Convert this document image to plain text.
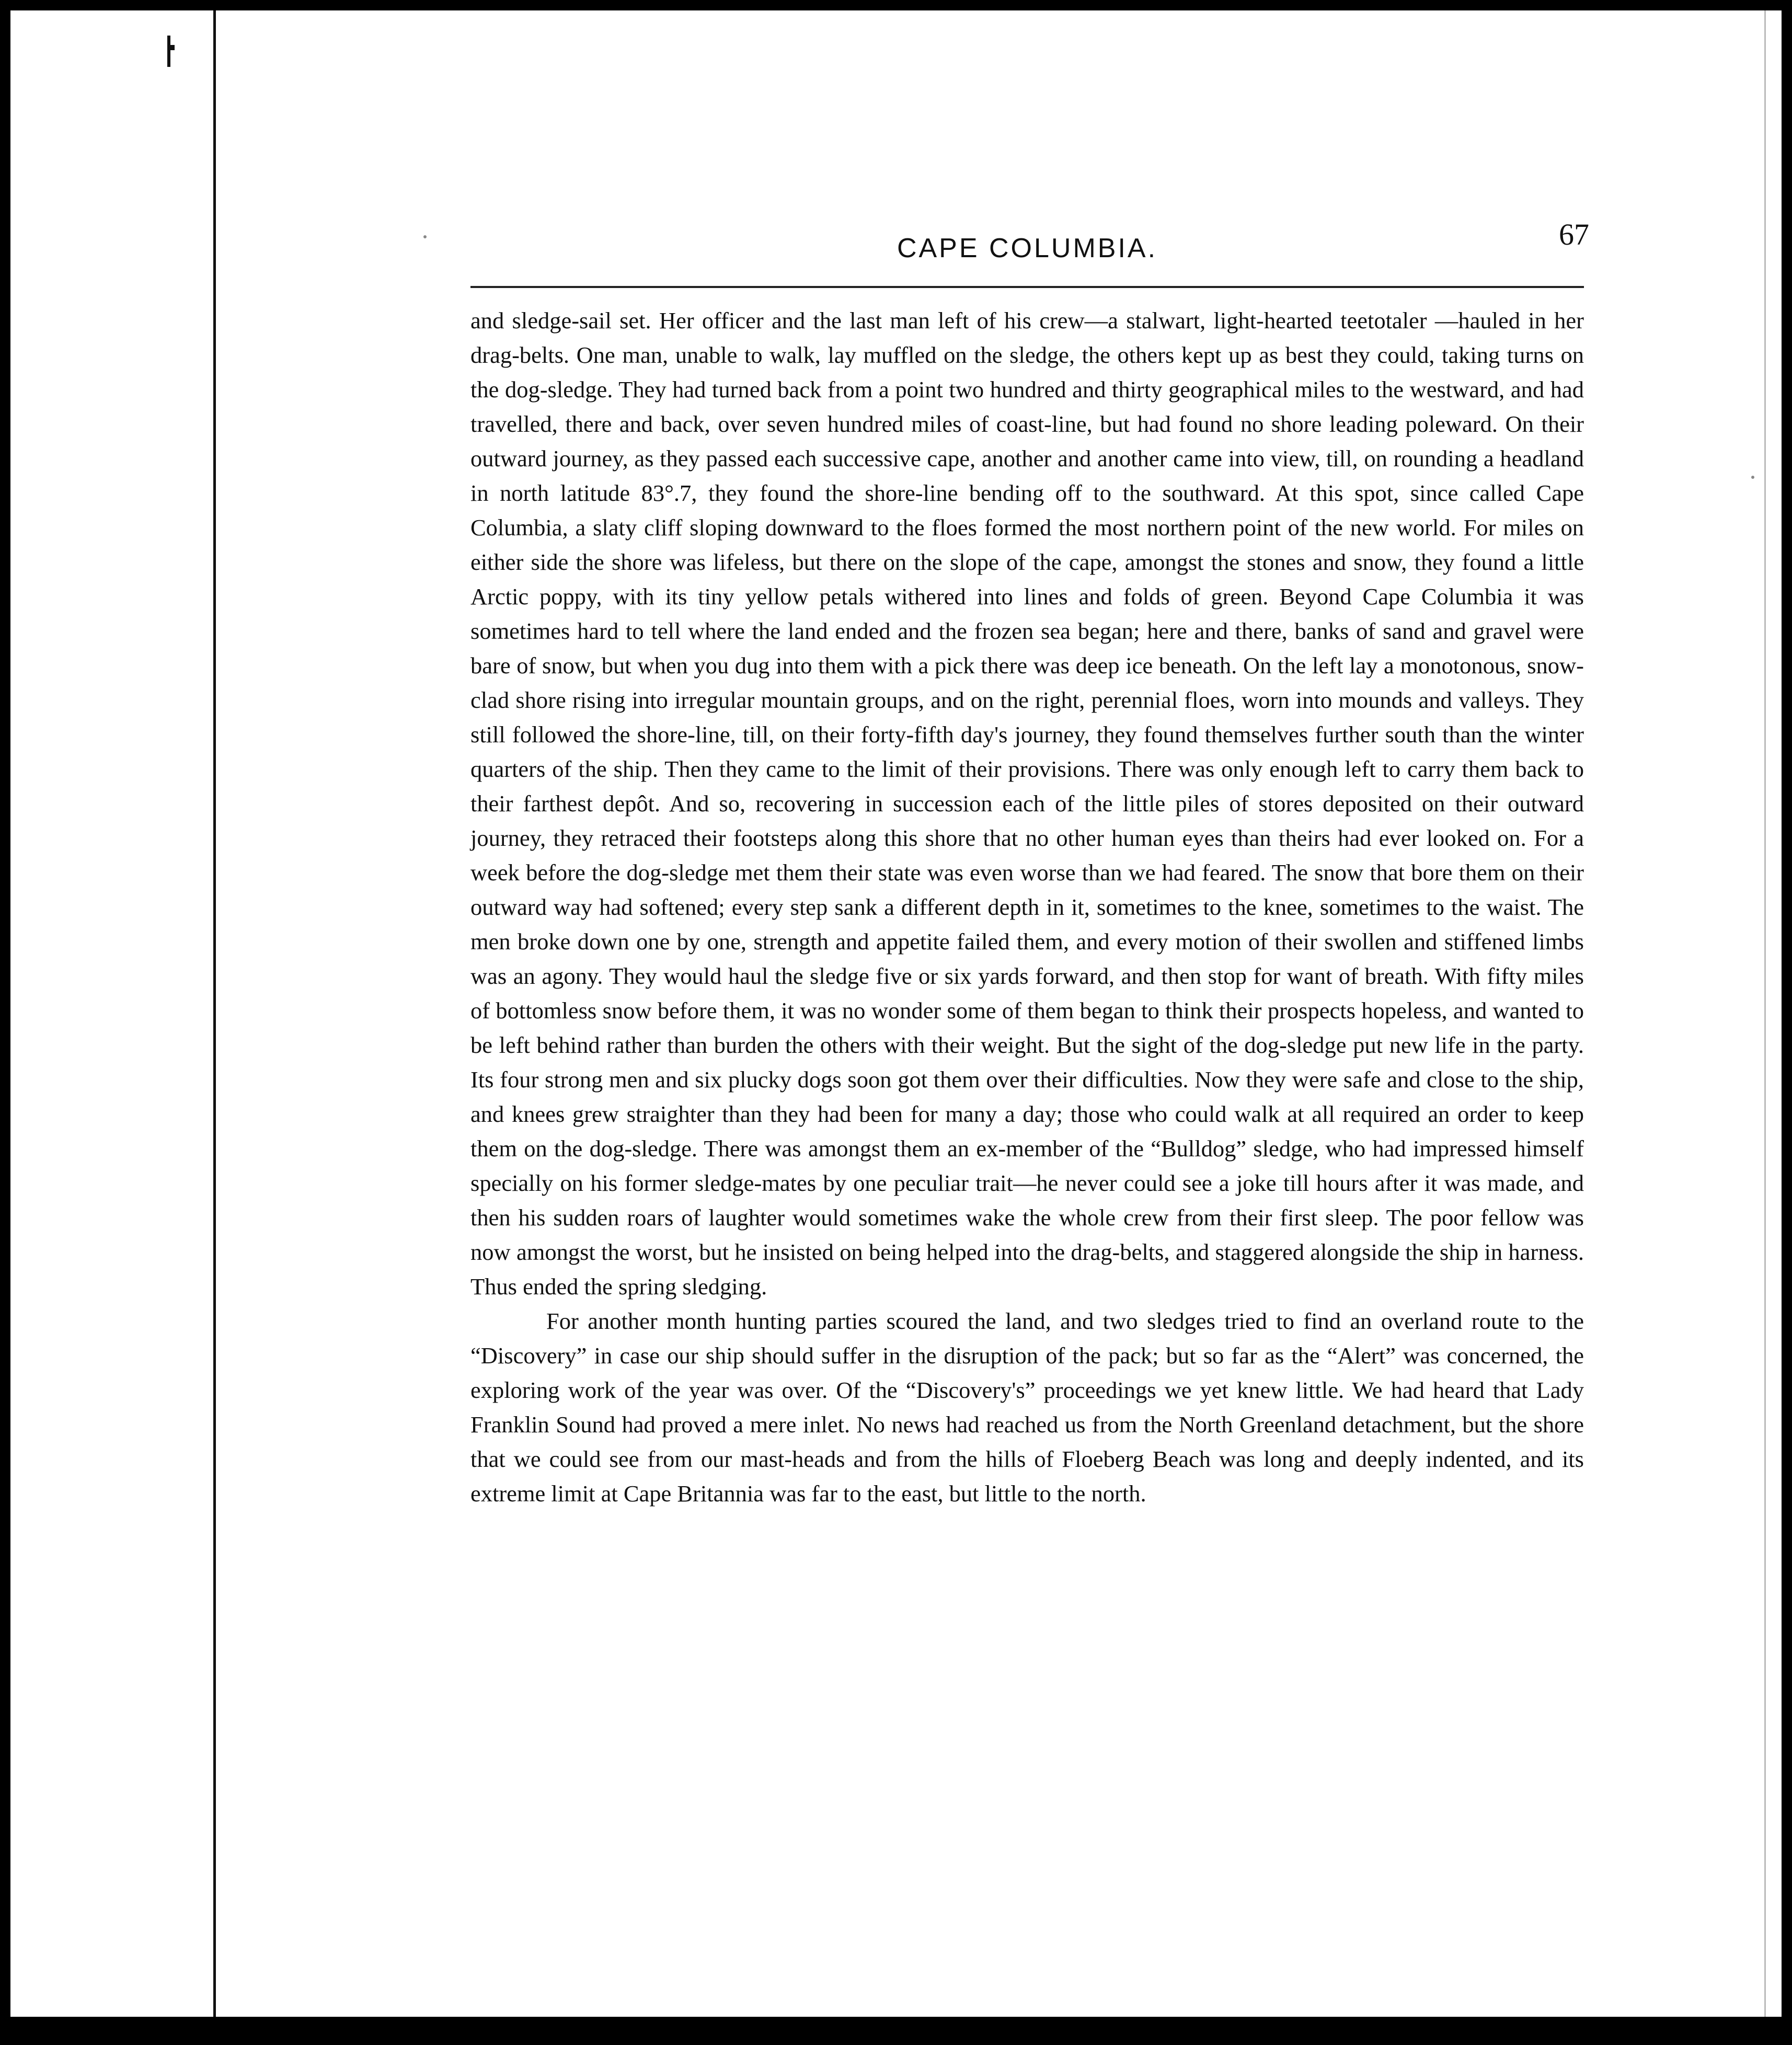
CAPE COLUMBIA.	67

and sledge-sail set. Her officer and the last man left of his crew—a stalwart, light-hearted teetotaler —hauled in her drag-belts. One man, unable to walk, lay muffled on the sledge, the others kept up as best they could, taking turns on the dog-sledge. They had turned back from a point two hundred and thirty geographical miles to the westward, and had travelled, there and back, over seven hundred miles of coast-line, but had found no shore leading poleward. On their outward journey, as they passed each successive cape, another and another came into view, till, on rounding a headland in north latitude 83°.7, they found the shore-line bending off to the southward. At this spot, since called Cape Columbia, a slaty cliff sloping downward to the floes formed the most northern point of the new world. For miles on either side the shore was lifeless, but there on the slope of the cape, amongst the stones and snow, they found a little Arctic poppy, with its tiny yellow petals withered into lines and folds of green. Beyond Cape Columbia it was sometimes hard to tell where the land ended and the frozen sea began; here and there, banks of sand and gravel were bare of snow, but when you dug into them with a pick there was deep ice beneath. On the left lay a monotonous, snow-clad shore rising into irregular mountain groups, and on the right, perennial floes, worn into mounds and valleys. They still followed the shore-line, till, on their forty-fifth day's journey, they found themselves further south than the winter quarters of the ship. Then they came to the limit of their provisions. There was only enough left to carry them back to their farthest depôt. And so, recovering in succession each of the little piles of stores deposited on their outward journey, they retraced their footsteps along this shore that no other human eyes than theirs had ever looked on. For a week before the dog-sledge met them their state was even worse than we had feared. The snow that bore them on their outward way had softened; every step sank a different depth in it, sometimes to the knee, sometimes to the waist. The men broke down one by one, strength and appetite failed them, and every motion of their swollen and stiffened limbs was an agony. They would haul the sledge five or six yards forward, and then stop for want of breath. With fifty miles of bottomless snow before them, it was no wonder some of them began to think their prospects hopeless, and wanted to be left behind rather than burden the others with their weight. But the sight of the dog-sledge put new life in the party. Its four strong men and six plucky dogs soon got them over their difficulties. Now they were safe and close to the ship, and knees grew straighter than they had been for many a day; those who could walk at all required an order to keep them on the dog-sledge. There was amongst them an ex-member of the “Bulldog” sledge, who had impressed himself specially on his former sledge-mates by one peculiar trait—he never could see a joke till hours after it was made, and then his sudden roars of laughter would sometimes wake the whole crew from their first sleep. The poor fellow was now amongst the worst, but he insisted on being helped into the drag-belts, and staggered alongside the ship in harness. Thus ended the spring sledging.

For another month hunting parties scoured the land, and two sledges tried to find an overland route to the “Discovery” in case our ship should suffer in the disruption of the pack; but so far as the “Alert” was concerned, the exploring work of the year was over. Of the “Discovery's” proceedings we yet knew little. We had heard that Lady Franklin Sound had proved a mere inlet. No news had reached us from the North Greenland detachment, but the shore that we could see from our mast-heads and from the hills of Floeberg Beach was long and deeply indented, and its extreme limit at Cape Britannia was far to the east, but little to the north.
